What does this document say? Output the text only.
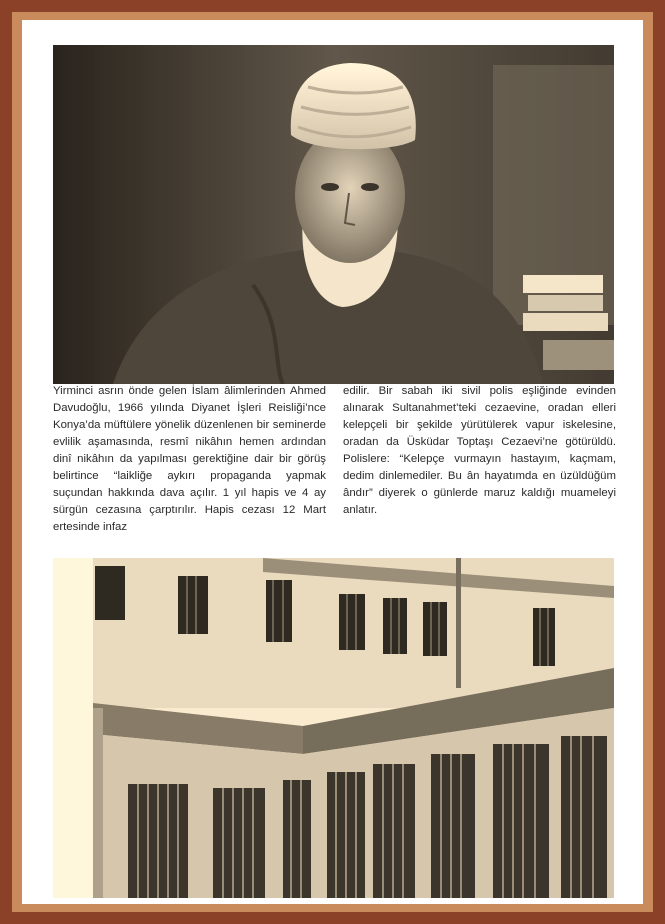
Yirminci asrın önde gelen İslam âlimlerinden Ahmed Davudoğlu, 1966 yılında Diyanet İşleri Reisliği’nce Konya’da müftülere yönelik düzenlenen bir seminerde evlilik aşamasında, resmî nikâhın hemen ardından dinî nikâhın da yapılması gerektiğine dair bir görüş belirtince “laikliğe aykırı propaganda yapmak suçundan hakkında dava açılır. 1 yıl hapis ve 4 ay sürgün cezasına çarptırılır. Hapis cezası 12 Mart ertesinde infaz

edilir. Bir sabah iki sivil polis eşliğinde evinden alınarak Sultanahmet’teki cezaevine, oradan elleri kelepçeli bir şekilde yürütülerek vapur iskelesine, oradan da Üsküdar Toptaşı Cezaevi’ne götürüldü. Polislere: “Kelepçe vurmayın hastayım, kaçmam, dedim dinlemediler. Bu ân hayatımda en üzüldüğüm ândır” diyerek o günlerde maruz kaldığı muameleyi anlatır.
